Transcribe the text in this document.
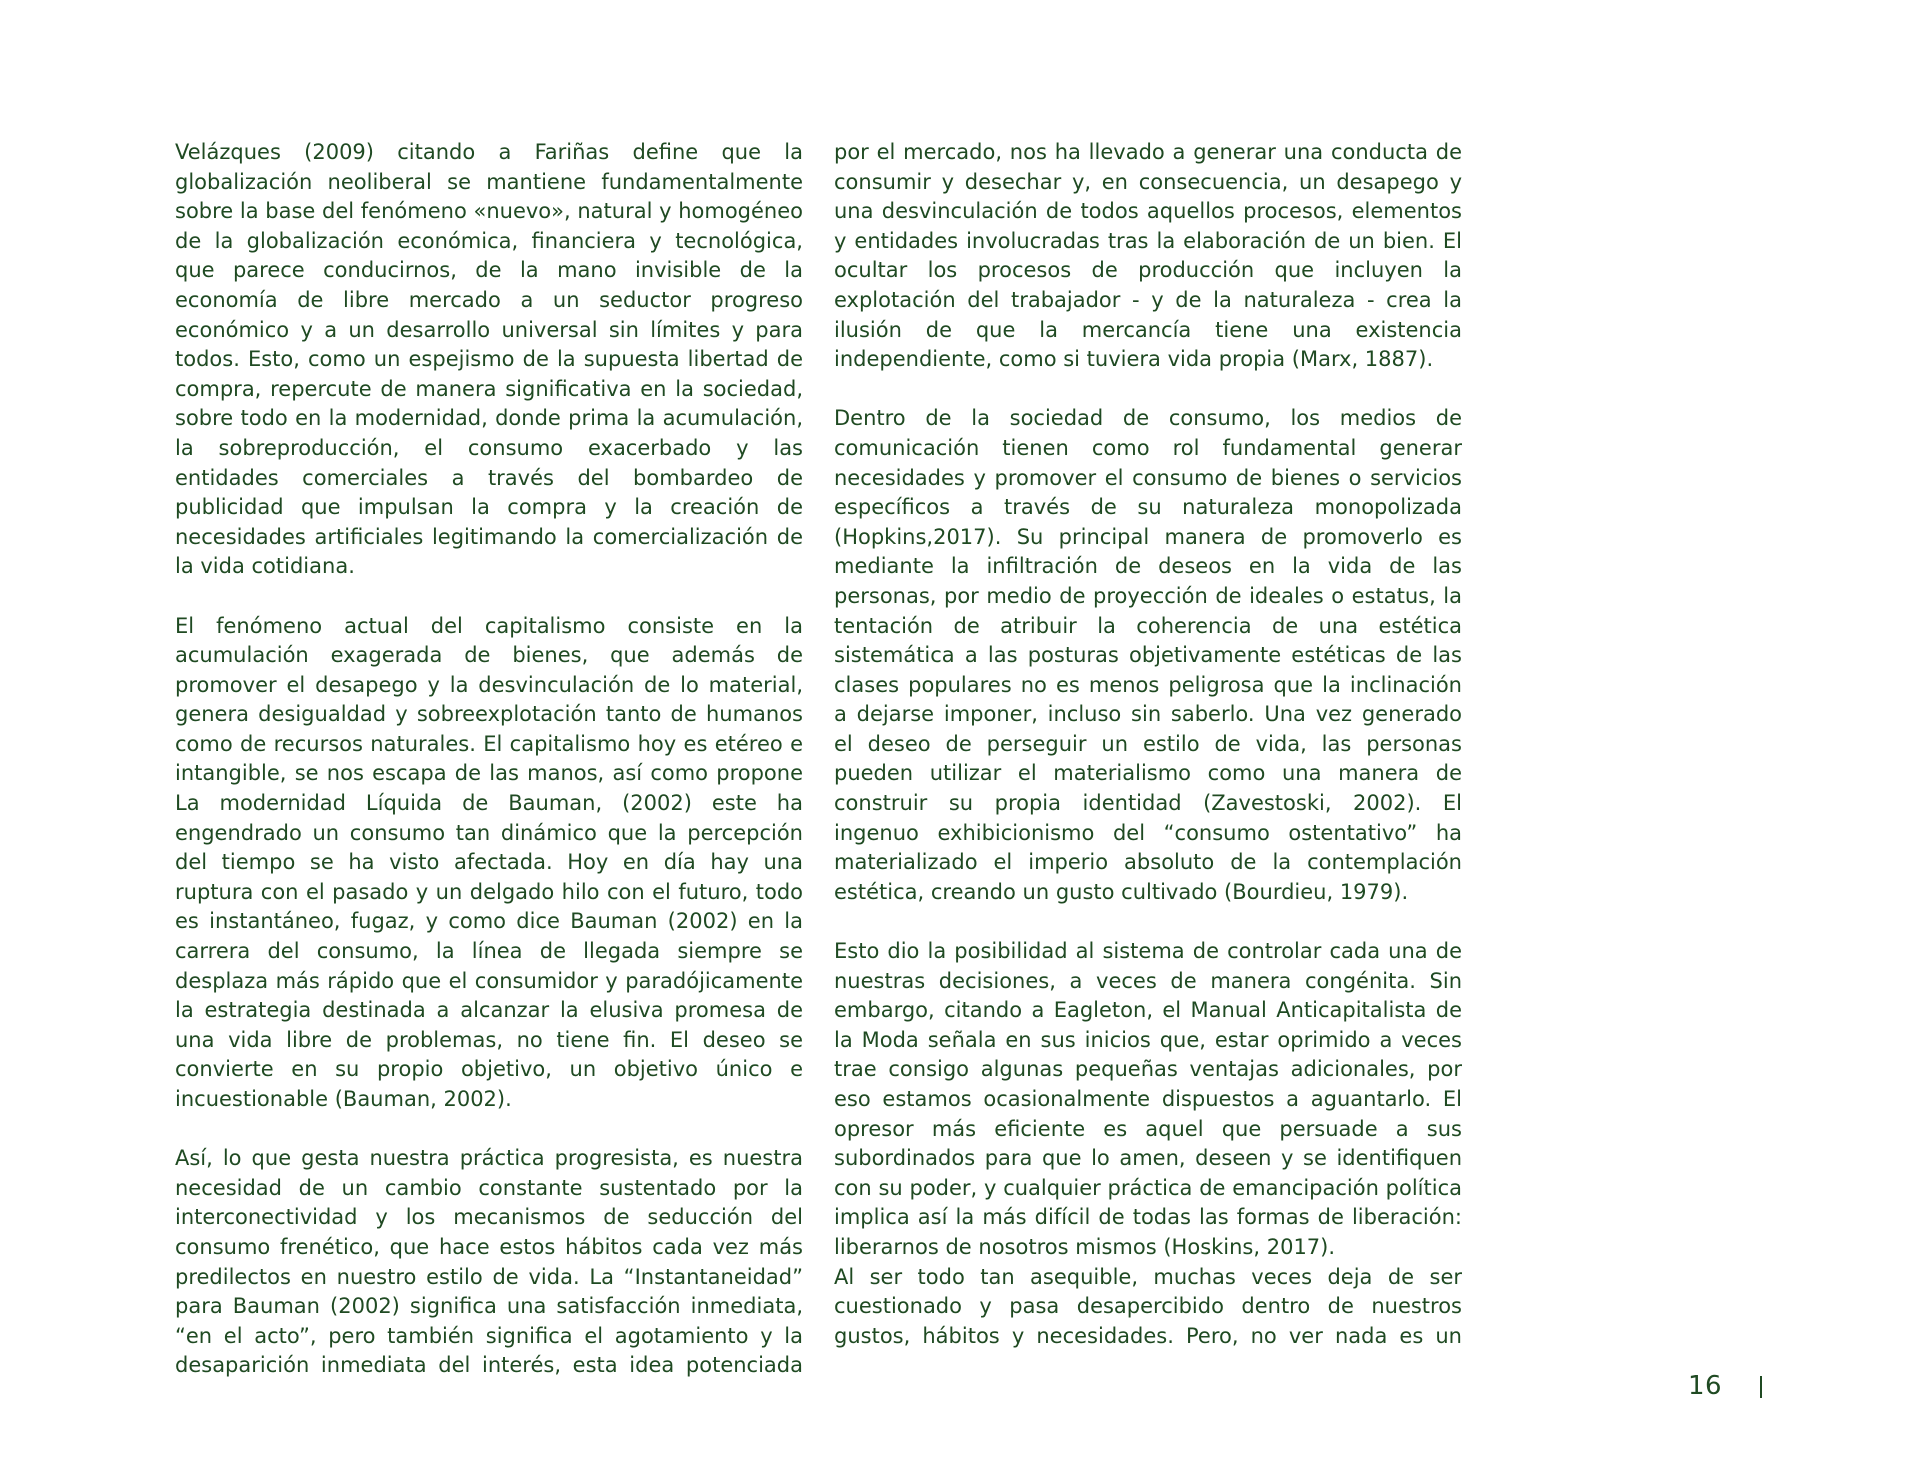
Velázques (2009) citando a Fariñas define que la globalización neoliberal se mantiene fundamentalmente sobre la base del fenómeno «nuevo», natural y homogéneo de la globalización económica, financiera y tecnológica, que parece conducirnos, de la mano invisible de la economía de libre mercado a un seductor progreso económico y a un desarrollo universal sin límites y para todos. Esto, como un espejismo de la supuesta libertad de compra, repercute de manera significativa en la sociedad, sobre todo en la modernidad, donde prima la acumulación, la sobreproducción, el consumo exacerbado y las entidades comerciales a través del bombardeo de publicidad que impulsan la compra y la creación de necesidades artificiales legitimando la comercialización de la vida cotidiana.

El fenómeno actual del capitalismo consiste en la acumulación exagerada de bienes, que además de promover el desapego y la desvinculación de lo material, genera desigualdad y sobreexplotación tanto de humanos como de recursos naturales. El capitalismo hoy es etéreo e intangible, se nos escapa de las manos, así como propone La modernidad Líquida de Bauman, (2002) este ha engendrado un consumo tan dinámico que la percepción del tiempo se ha visto afectada. Hoy en día hay una ruptura con el pasado y un delgado hilo con el futuro, todo es instantáneo, fugaz, y como dice Bauman (2002) en la carrera del consumo, la línea de llegada siempre se desplaza más rápido que el consumidor y paradójicamente la estrategia destinada a alcanzar la elusiva promesa de una vida libre de problemas, no tiene fin. El deseo se convierte en su propio objetivo, un objetivo único e incuestionable (Bauman, 2002).

Así, lo que gesta nuestra práctica progresista, es nuestra necesidad de un cambio constante sustentado por la interconectividad y los mecanismos de seducción del consumo frenético, que hace estos hábitos cada vez más predilectos en nuestro estilo de vida. La “Instantaneidad” para Bauman (2002) significa una satisfacción inmediata, “en el acto”, pero también significa el agotamiento y la desaparición inmediata del interés, esta idea potenciada

por el mercado, nos ha llevado a generar una conducta de consumir y desechar y, en consecuencia, un desapego y una desvinculación de todos aquellos procesos, elementos y entidades involucradas tras la elaboración de un bien. El ocultar los procesos de producción que incluyen la explotación del trabajador - y de la naturaleza - crea la ilusión de que la mercancía tiene una existencia independiente, como si tuviera vida propia (Marx, 1887).

Dentro de la sociedad de consumo, los medios de comunicación tienen como rol fundamental generar necesidades y promover el consumo de bienes o servicios específicos a través de su naturaleza monopolizada (Hopkins,2017). Su principal manera de promoverlo es mediante la infiltración de deseos en la vida de las personas, por medio de proyección de ideales o estatus, la tentación de atribuir la coherencia de una estética sistemática a las posturas objetivamente estéticas de las clases populares no es menos peligrosa que la inclinación a dejarse imponer, incluso sin saberlo. Una vez generado el deseo de perseguir un estilo de vida, las personas pueden utilizar el materialismo como una manera de construir su propia identidad (Zavestoski, 2002). El ingenuo exhibicionismo del “consumo ostentativo” ha materializado el imperio absoluto de la contemplación estética, creando un gusto cultivado (Bourdieu, 1979).

Esto dio la posibilidad al sistema de controlar cada una de nuestras decisiones, a veces de manera congénita. Sin embargo, citando a Eagleton, el Manual Anticapitalista de la Moda señala en sus inicios que, estar oprimido a veces trae consigo algunas pequeñas ventajas adicionales, por eso estamos ocasionalmente dispuestos a aguantarlo. El opresor más eficiente es aquel que persuade a sus subordinados para que lo amen, deseen y se identifiquen con su poder, y cualquier práctica de emancipación política implica así la más difícil de todas las formas de liberación: liberarnos de nosotros mismos (Hoskins, 2017).

Al ser todo tan asequible, muchas veces deja de ser cuestionado y pasa desapercibido dentro de nuestros gustos, hábitos y necesidades. Pero, no ver nada es un

16
